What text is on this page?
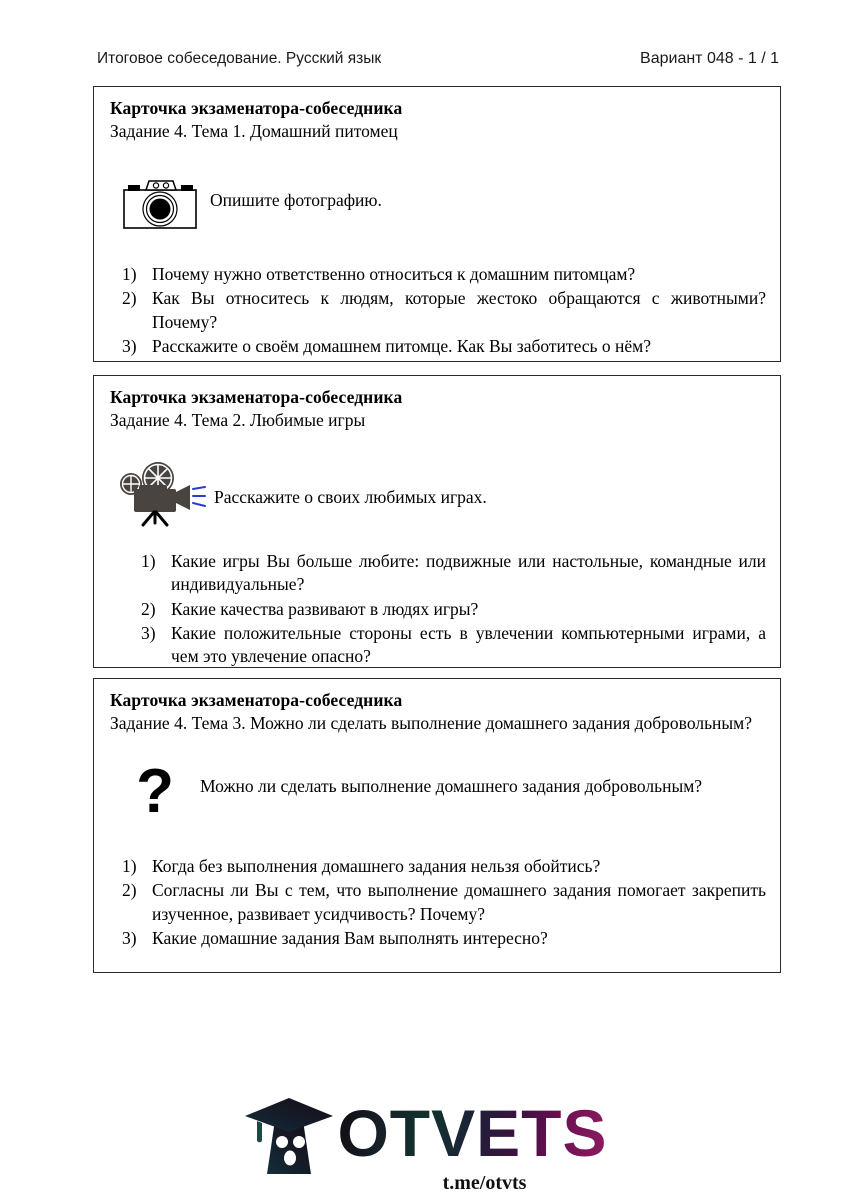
Итоговое собеседование. Русский язык	Вариант 048 - 1 / 1
Карточка экзаменатора-собеседника
Задание 4. Тема 1. Домашний питомец
Опишите фотографию.
1) Почему нужно ответственно относиться к домашним питомцам?
2) Как Вы относитесь к людям, которые жестоко обращаются с животными? Почему?
3) Расскажите о своём домашнем питомце. Как Вы заботитесь о нём?
Карточка экзаменатора-собеседника
Задание 4. Тема 2. Любимые игры
Расскажите о своих любимых играх.
1) Какие игры Вы больше любите: подвижные или настольные, командные или индивидуальные?
2) Какие качества развивают в людях игры?
3) Какие положительные стороны есть в увлечении компьютерными играми, а чем это увлечение опасно?
Карточка экзаменатора-собеседника
Задание 4. Тема 3. Можно ли сделать выполнение домашнего задания добровольным?
? Можно ли сделать выполнение домашнего задания добровольным?
1) Когда без выполнения домашнего задания нельзя обойтись?
2) Согласны ли Вы с тем, что выполнение домашнего задания помогает закрепить изученное, развивает усидчивость? Почему?
3) Какие домашние задания Вам выполнять интересно?
OTVETS
t.me/otvts
